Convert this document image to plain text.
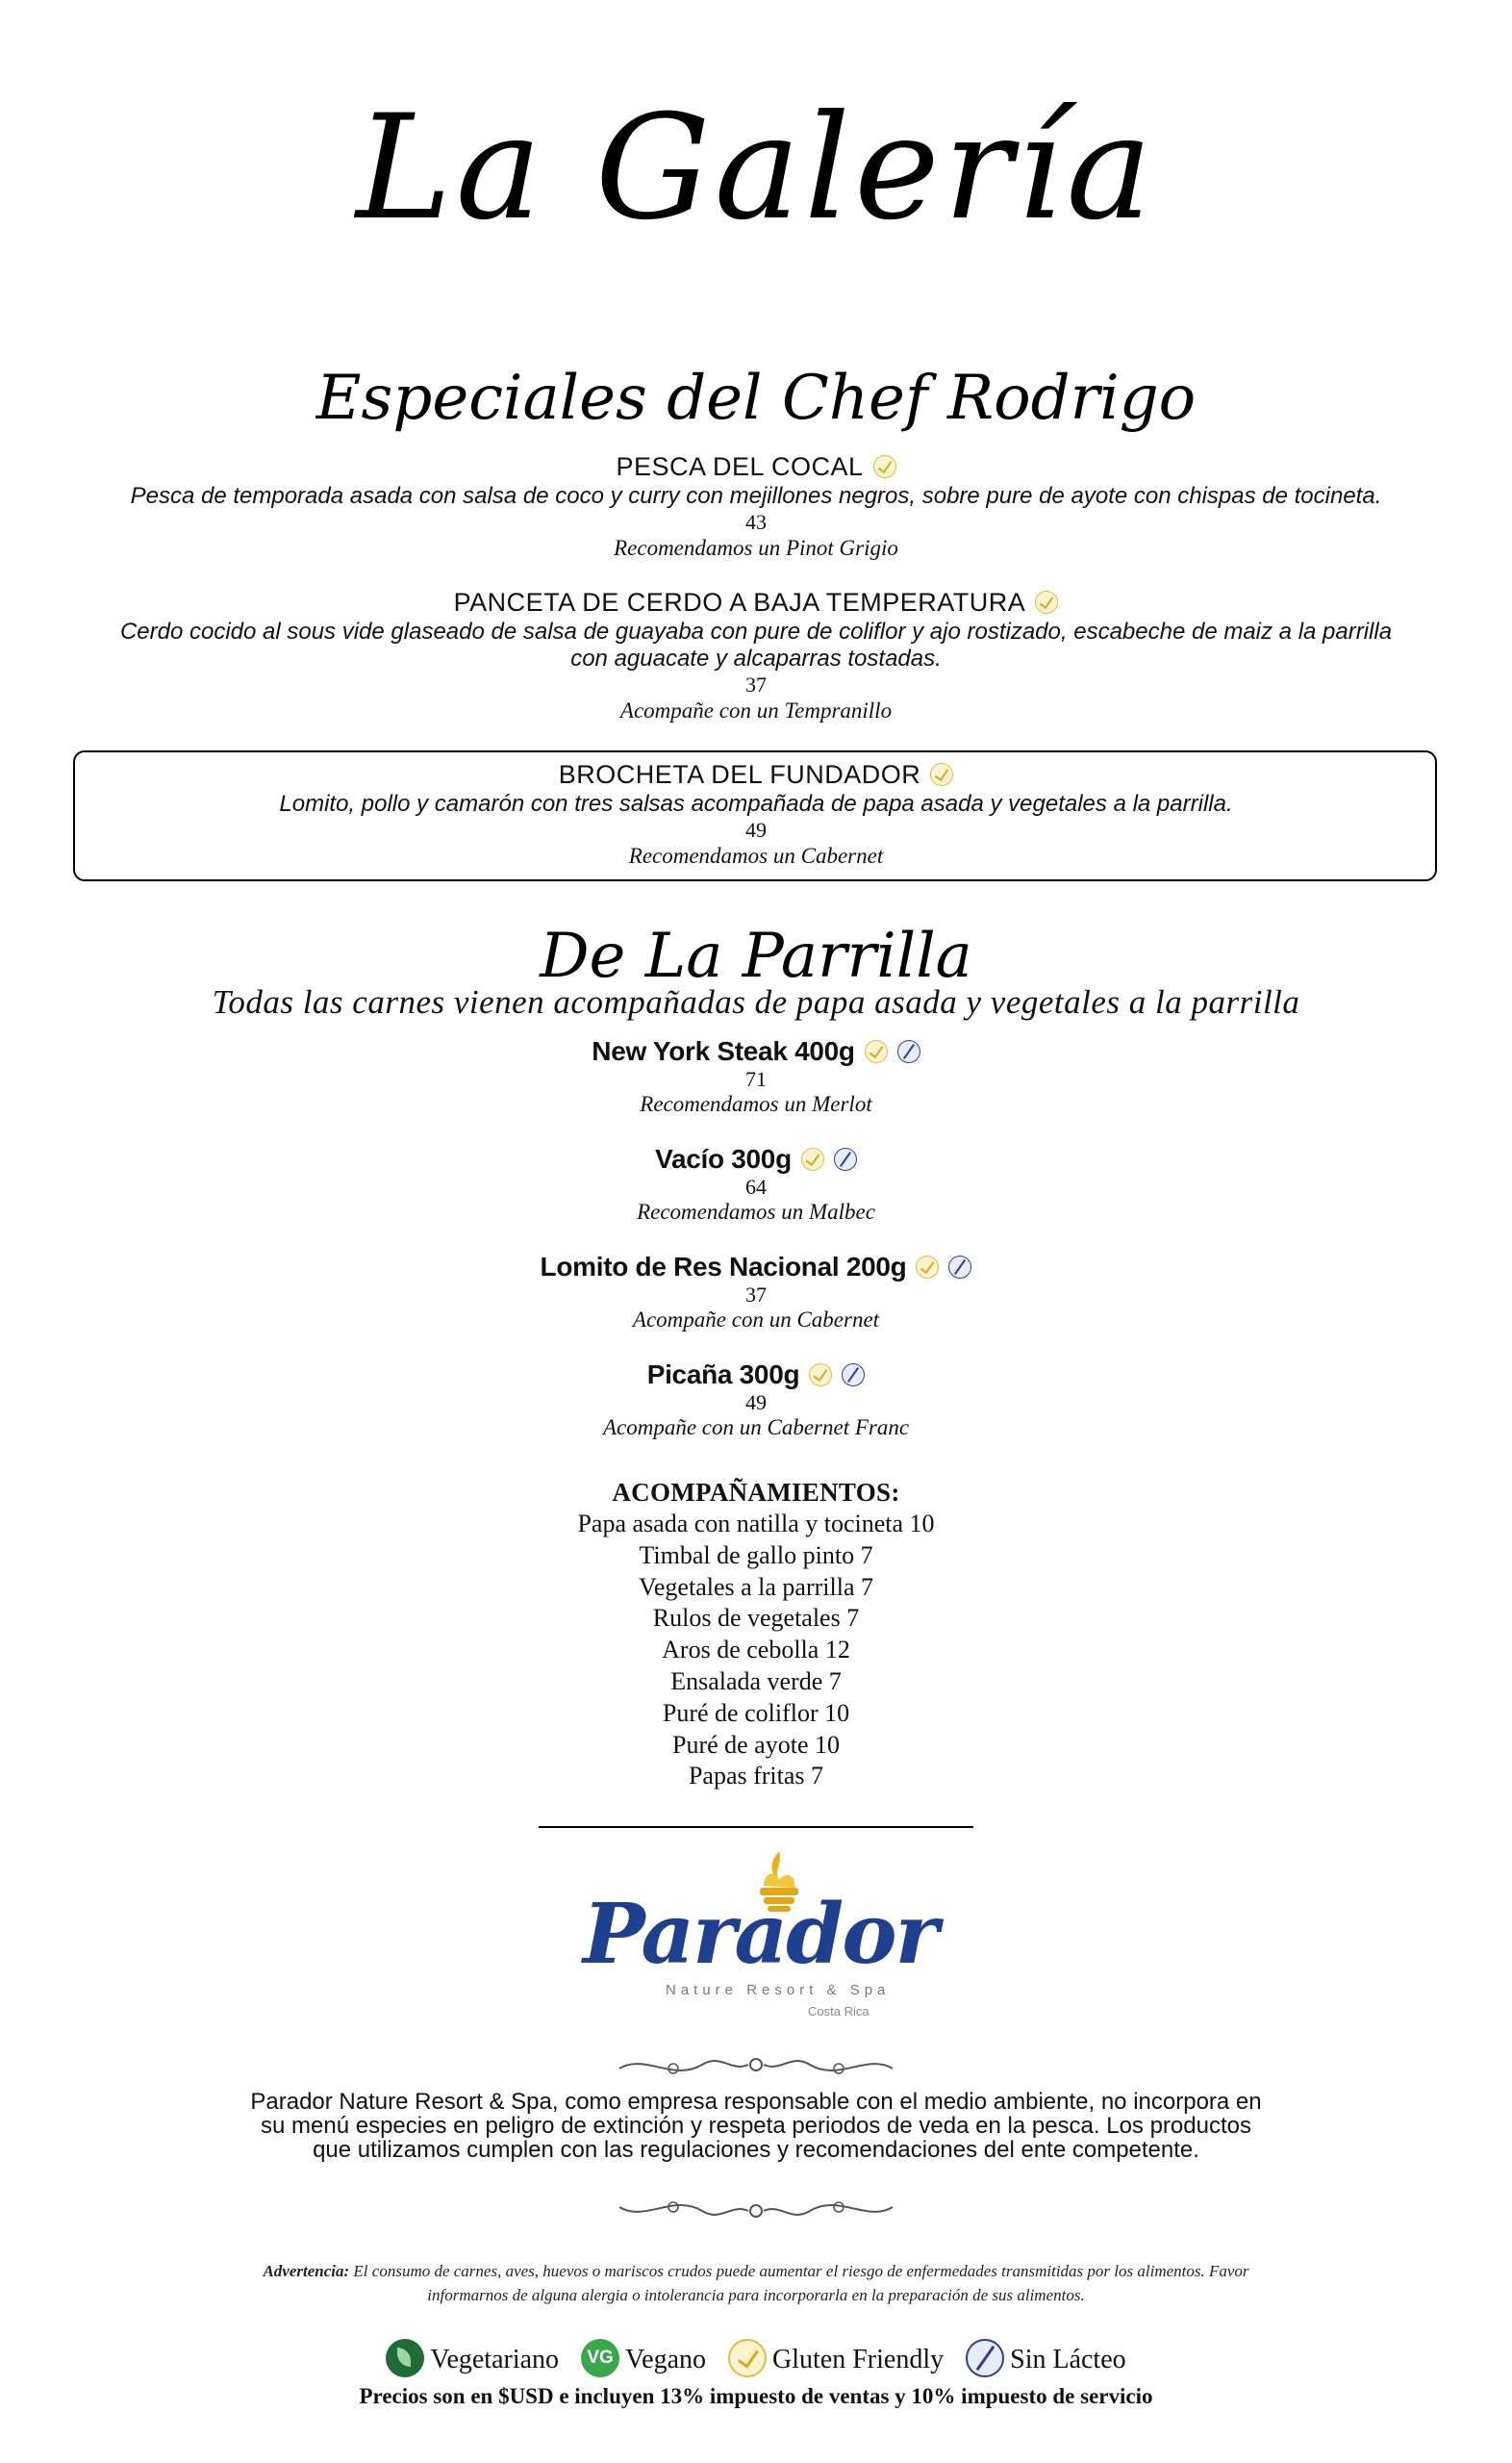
La Galería
Especiales del Chef Rodrigo
PESCA DEL COCAL
Pesca de temporada asada con salsa de coco y curry con mejillones negros, sobre pure de ayote con chispas de tocineta.
43
Recomendamos un Pinot Grigio
PANCETA DE CERDO A BAJA TEMPERATURA
Cerdo cocido al sous vide glaseado de salsa de guayaba con pure de coliflor y ajo rostizado, escabeche de maiz a la parrilla con aguacate y alcaparras tostadas.
37
Acompañe con un Tempranillo
BROCHETA DEL FUNDADOR
Lomito, pollo y camarón con tres salsas acompañada de papa asada y vegetales a la parrilla.
49
Recomendamos un Cabernet
De La Parrilla
Todas las carnes vienen acompañadas de papa asada y vegetales a la parrilla
New York Steak 400g
71
Recomendamos un Merlot
Vacío 300g
64
Recomendamos un Malbec
Lomito de Res Nacional 200g
37
Acompañe con un Cabernet
Picaña 300g
49
Acompañe con un Cabernet Franc
ACOMPAÑAMIENTOS:
Papa asada con natilla y tocineta 10
Timbal de gallo pinto 7
Vegetales a la parrilla 7
Rulos de vegetales 7
Aros de cebolla 12
Ensalada verde 7
Puré de coliflor 10
Puré de ayote 10
Papas fritas 7
Parador
Nature Resort & Spa
Costa Rica
Parador Nature Resort & Spa, como empresa responsable con el medio ambiente, no incorpora en su menú especies en peligro de extinción y respeta periodos de veda en la pesca. Los productos que utilizamos cumplen con las regulaciones y recomendaciones del ente competente.
Advertencia: El consumo de carnes, aves, huevos o mariscos crudos puede aumentar el riesgo de enfermedades transmitidas por los alimentos. Favor informarnos de alguna alergia o intolerancia para incorporarla en la preparación de sus alimentos.
Vegetariano VG Vegano Gluten Friendly Sin Lácteo
Precios son en $USD e incluyen 13% impuesto de ventas y 10% impuesto de servicio
